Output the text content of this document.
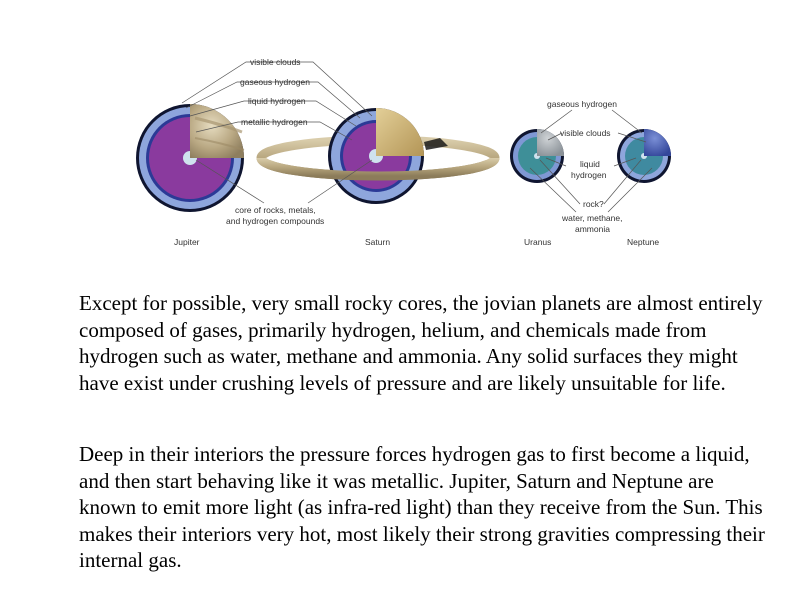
visible clouds
gaseous hydrogen
liquid hydrogen
metallic hydrogen
core of rocks, metals,
and hydrogen compounds
gaseous hydrogen
visible clouds
liquid
hydrogen
rock?
water, methane,
ammonia
Jupiter	Saturn	Uranus	Neptune

Except for possible, very small rocky cores, the jovian planets are almost entirely composed of gases, primarily hydrogen, helium, and chemicals made from hydrogen such as water, methane and ammonia. Any solid surfaces they might have exist under crushing levels of pressure and are likely unsuitable for life.

Deep in their interiors the pressure forces hydrogen gas to first become a liquid, and then start behaving like it was metallic. Jupiter, Saturn and Neptune are known to emit more light (as infra-red light) than they receive from the Sun. This makes their interiors very hot, most likely their strong gravities compressing their internal gas.
